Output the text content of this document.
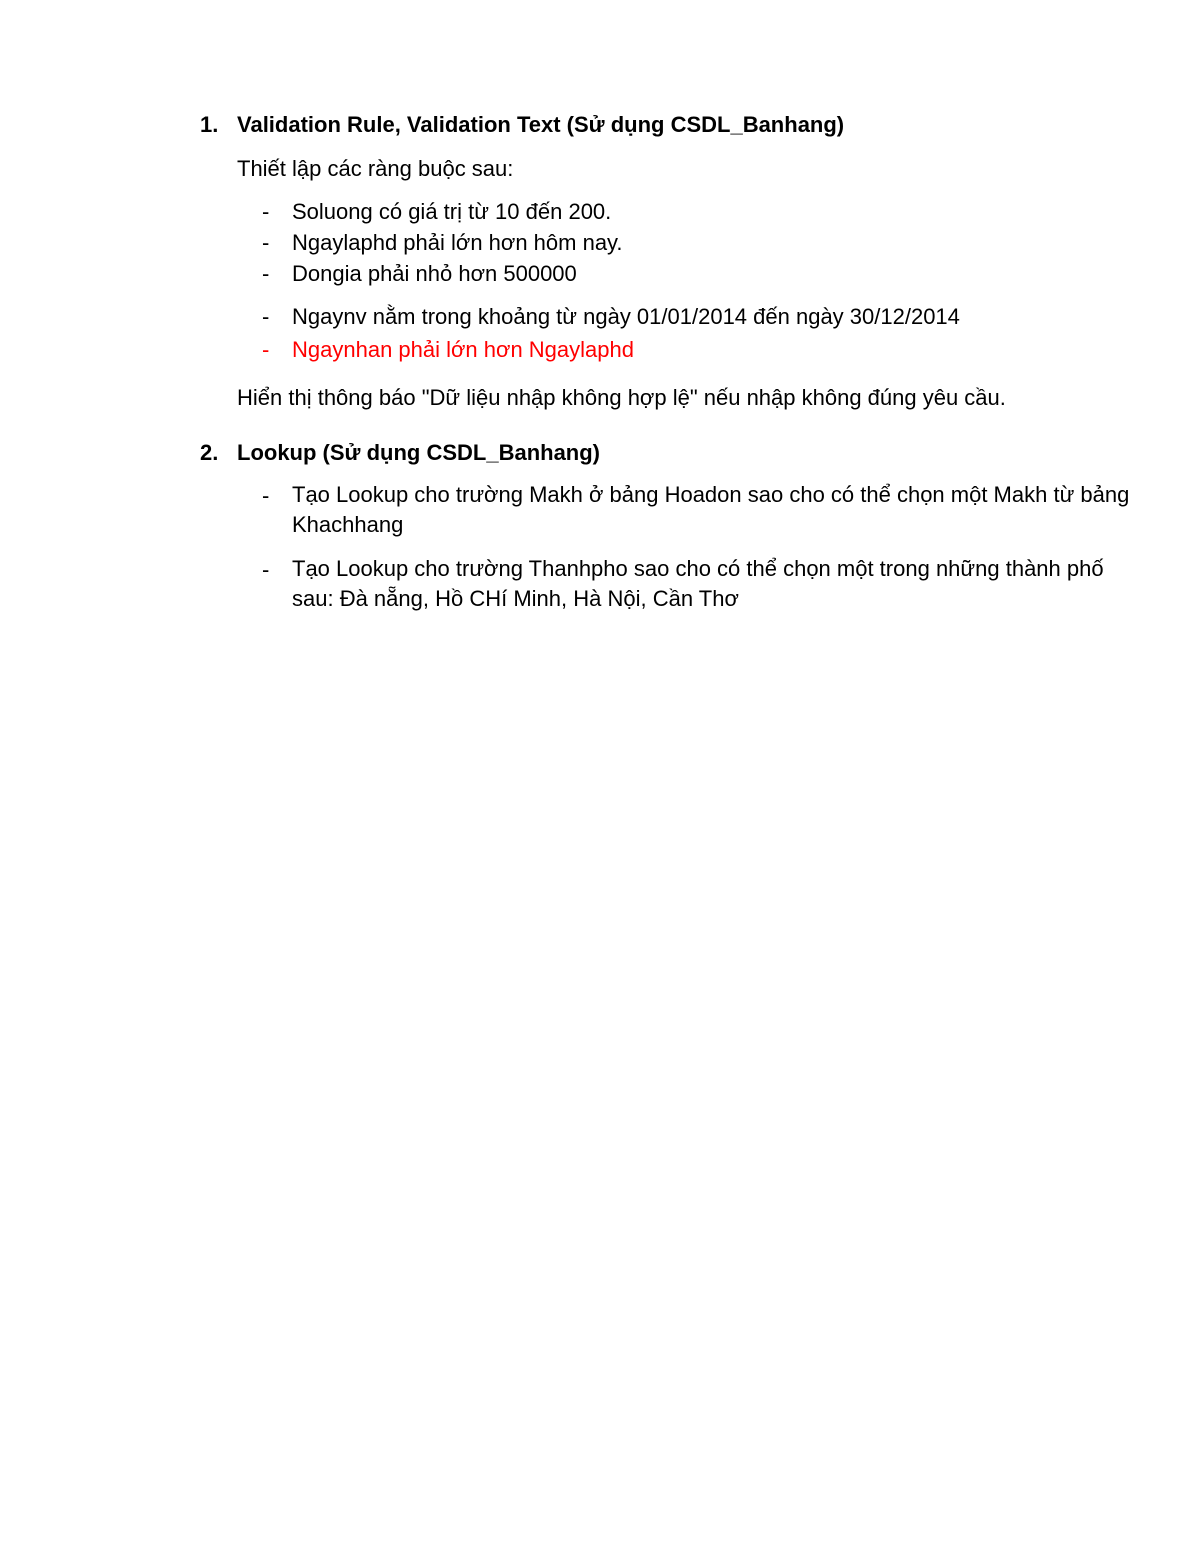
1. Validation Rule, Validation Text (Sử dụng CSDL_Banhang)
Thiết lập các ràng buộc sau:
- Soluong có giá trị từ 10 đến 200.
- Ngaylaphd phải lớn hơn hôm nay.
- Dongia phải nhỏ hơn 500000
- Ngaynv nằm trong khoảng từ ngày 01/01/2014 đến ngày 30/12/2014
- Ngaynhan phải lớn hơn Ngaylaphd
Hiển thị thông báo "Dữ liệu nhập không hợp lệ" nếu nhập không đúng yêu cầu.
2. Lookup (Sử dụng CSDL_Banhang)
- Tạo Lookup cho trường Makh ở bảng Hoadon sao cho có thể chọn một Makh từ bảng Khachhang
- Tạo Lookup cho trường Thanhpho sao cho có thể chọn một trong những thành phố sau: Đà nẵng, Hồ CHí Minh, Hà Nội, Cần Thơ
